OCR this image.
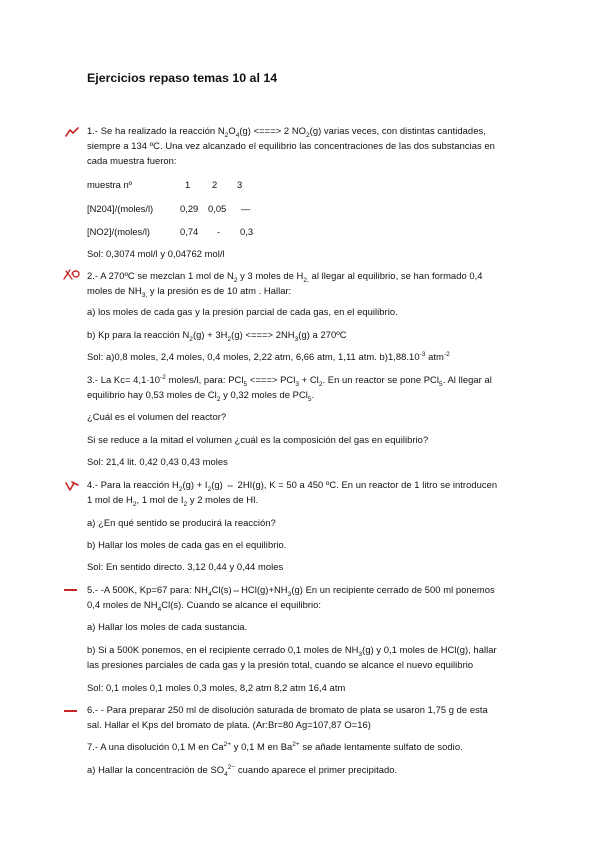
Ejercicios repaso temas 10 al 14
1.- Se ha realizado la reacción $N_2O_4(g)$ <===> 2 $NO_2(g)$ varias veces, con distintas cantidades,
siempre a 134 ºC. Una vez alcanzado el equilibrio las concentraciones de las dos substancias en
cada muestra fueron:
muestra nº	1 2 3
[N204]/(moles/l)	0,29 0,05 —
[NO2]/(moles/l)	0,74 - 0,3
Sol: 0,3074 mol/l y 0,04762 mol/l
2.- A 270ºC se mezclan 1 mol de $N_2$ y 3 moles de $H_{2,}$ al llegar al equilibrio, se han formado 0,4
moles de $NH_{3,}$ y la presión es de 10 atm . Hallar:
a) los moles de cada gas y la presión parcial de cada gas, en el equilibrio.
b) Kp para la reacción $N_2(g) + 3H_2(g)$ <===> $2NH_3(g)$ a 270ºC
Sol: a)0,8 moles, 2,4 moles, 0,4 moles, 2,22 atm, 6,66 atm, 1,11 atm. $b)1,88.10^{-3}$ atm$^{-2}$
3.- La $Kc= 4,1\cdot 10^{-2}$ moles/l, para: PCl$_5$ <===> $PCl_3 + Cl_2$. En un reactor se pone PCl$_5$. Al llegar al
equilibrio hay 0,53 moles de $Cl_2$ y 0,32 moles de PCl$_5$.
¿Cuál es el volumen del reactor?
Si se reduce a la mitad el volumen ¿cuál es la composición del gas en equilibrio?
Sol: 21,4 lit. 0,42 0,43 0,43 moles
4.- Para la reacción $H_2(g) + I_2(g)$ ⇔ 2HI(g), K = 50 a 450 ºC. En un reactor de 1 litro se introducen
1 mol de $H_2$, 1 mol de $I_2$ y 2 moles de HI.
a) ¿En qué sentido se producirá la reacción?
b) Hallar los moles de cada gas en el equilibrio.
Sol: En sentido directo. 3,12 0,44 y 0,44 moles
5.- -A 500K, Kp=67 para: $NH_4Cl(s)\Leftrightarrow HCl(g)+NH_3(g)$ En un recipiente cerrado de 500 ml ponemos
0,4 moles de $NH_4Cl(s)$. Cuando se alcance el equilibrio:
a) Hallar los moles de cada sustancia.
b) Si a 500K ponemos, en el recipiente cerrado 0,1 moles de $NH_3(g)$ y 0,1 moles de HCl(g), hallar
las presiones parciales de cada gas y la presión total, cuando se alcance el nuevo equilibrio
Sol: 0,1 moles 0,1 moles 0,3 moles, 8,2 atm 8,2 atm 16,4 atm
6.- - Para preparar 250 ml de disolución saturada de bromato de plata se usaron 1,75 g de esta
sal. Hallar el Kps del bromato de plata. (Ar:Br=80 Ag=107,87 O=16)
7.- A una disolución 0,1 M en $Ca^{2+}$ y 0,1 M en $Ba^{2+}$ se añade lentamente sulfato de sodio.
a) Hallar la concentración de $SO_4^{2-}$ cuando aparece el primer precipitado.
